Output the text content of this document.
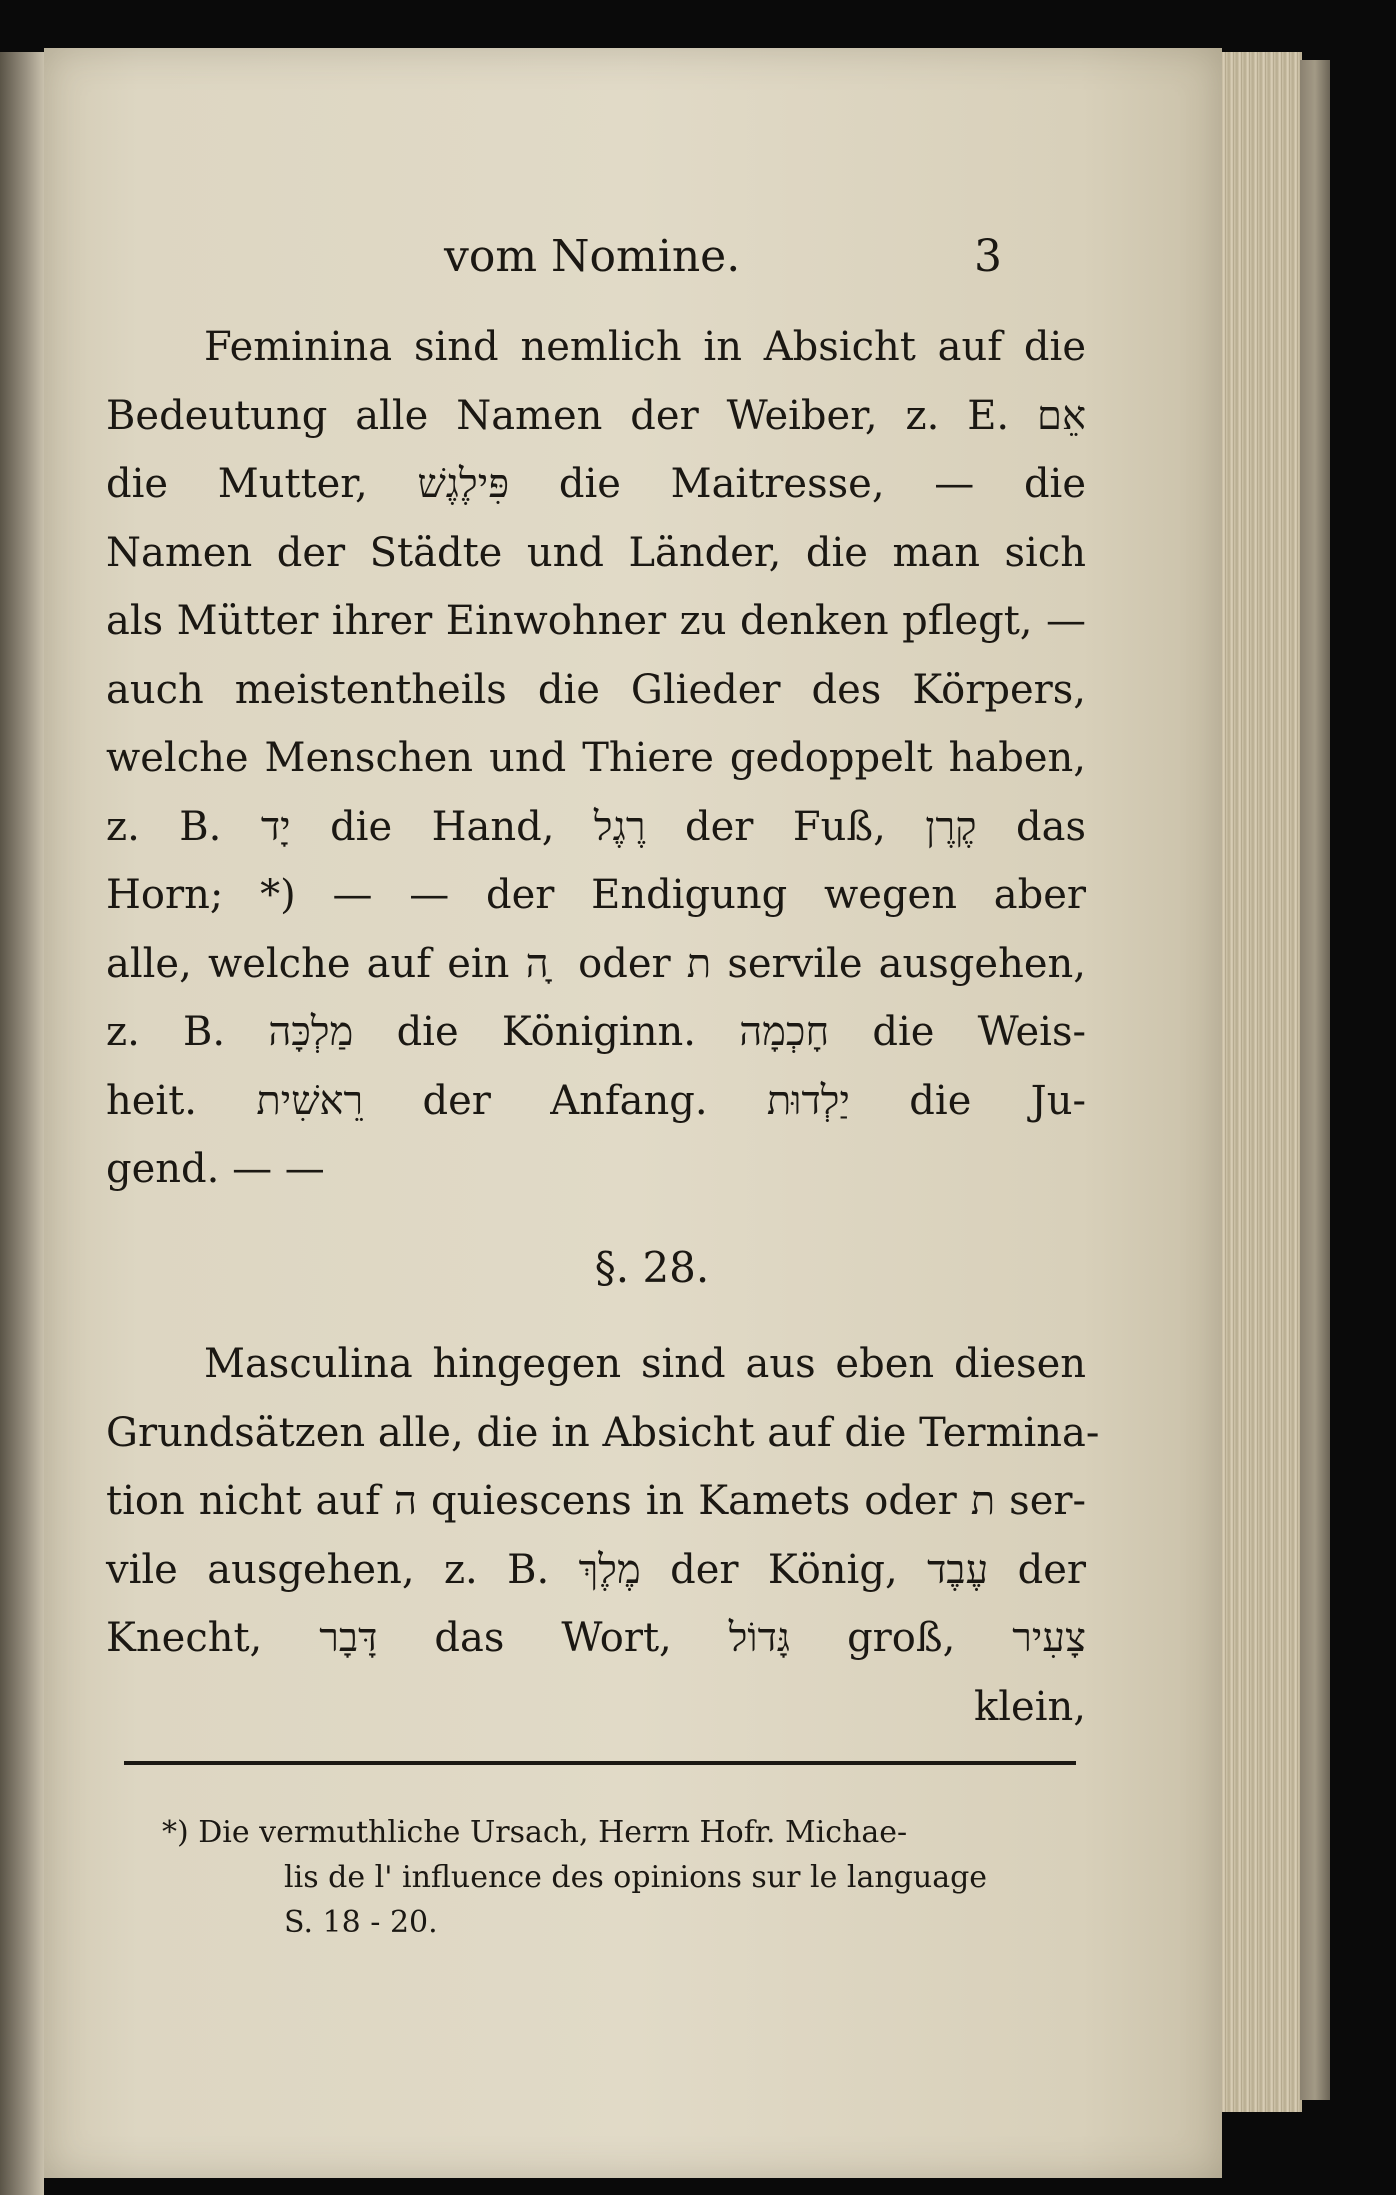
vom Nomine.	3
Feminina sind nemlich in Absicht auf die
Bedeutung alle Namen der Weiber, z. E. אֵם
die Mutter, פִּילֶגֶשׁ die Maitresse, — die
Namen der Städte und Länder, die man sich
als Mütter ihrer Einwohner zu denken pflegt, —
auch meistentheils die Glieder des Körpers,
welche Menschen und Thiere gedoppelt haben,
z. B. יָד die Hand, רֶגֶל der Fuß, קֶרֶן das
Horn; *) — — der Endigung wegen aber
alle, welche auf ein ה ָ oder ת servile ausgehen,
z. B. מַלְכָּה die Königinn. חָכְמָה die Weis-
heit. רֵאשִׁית der Anfang. יַלְדוּת die Ju-
gend. — —
§. 28.
Masculina hingegen sind aus eben diesen
Grundsätzen alle, die in Absicht auf die Termina-
tion nicht auf ה quiescens in Kamets oder ת ser-
vile ausgehen, z. B. מֶלֶךְ der König, עֶבֶד der
Knecht, דָּבָר das Wort, גָּדוֹל groß, צָעִיר
klein,
*) Die vermuthliche Ursach, Herrn Hofr. Michae-
lis de l' influence des opinions sur le language
S. 18 - 20.
